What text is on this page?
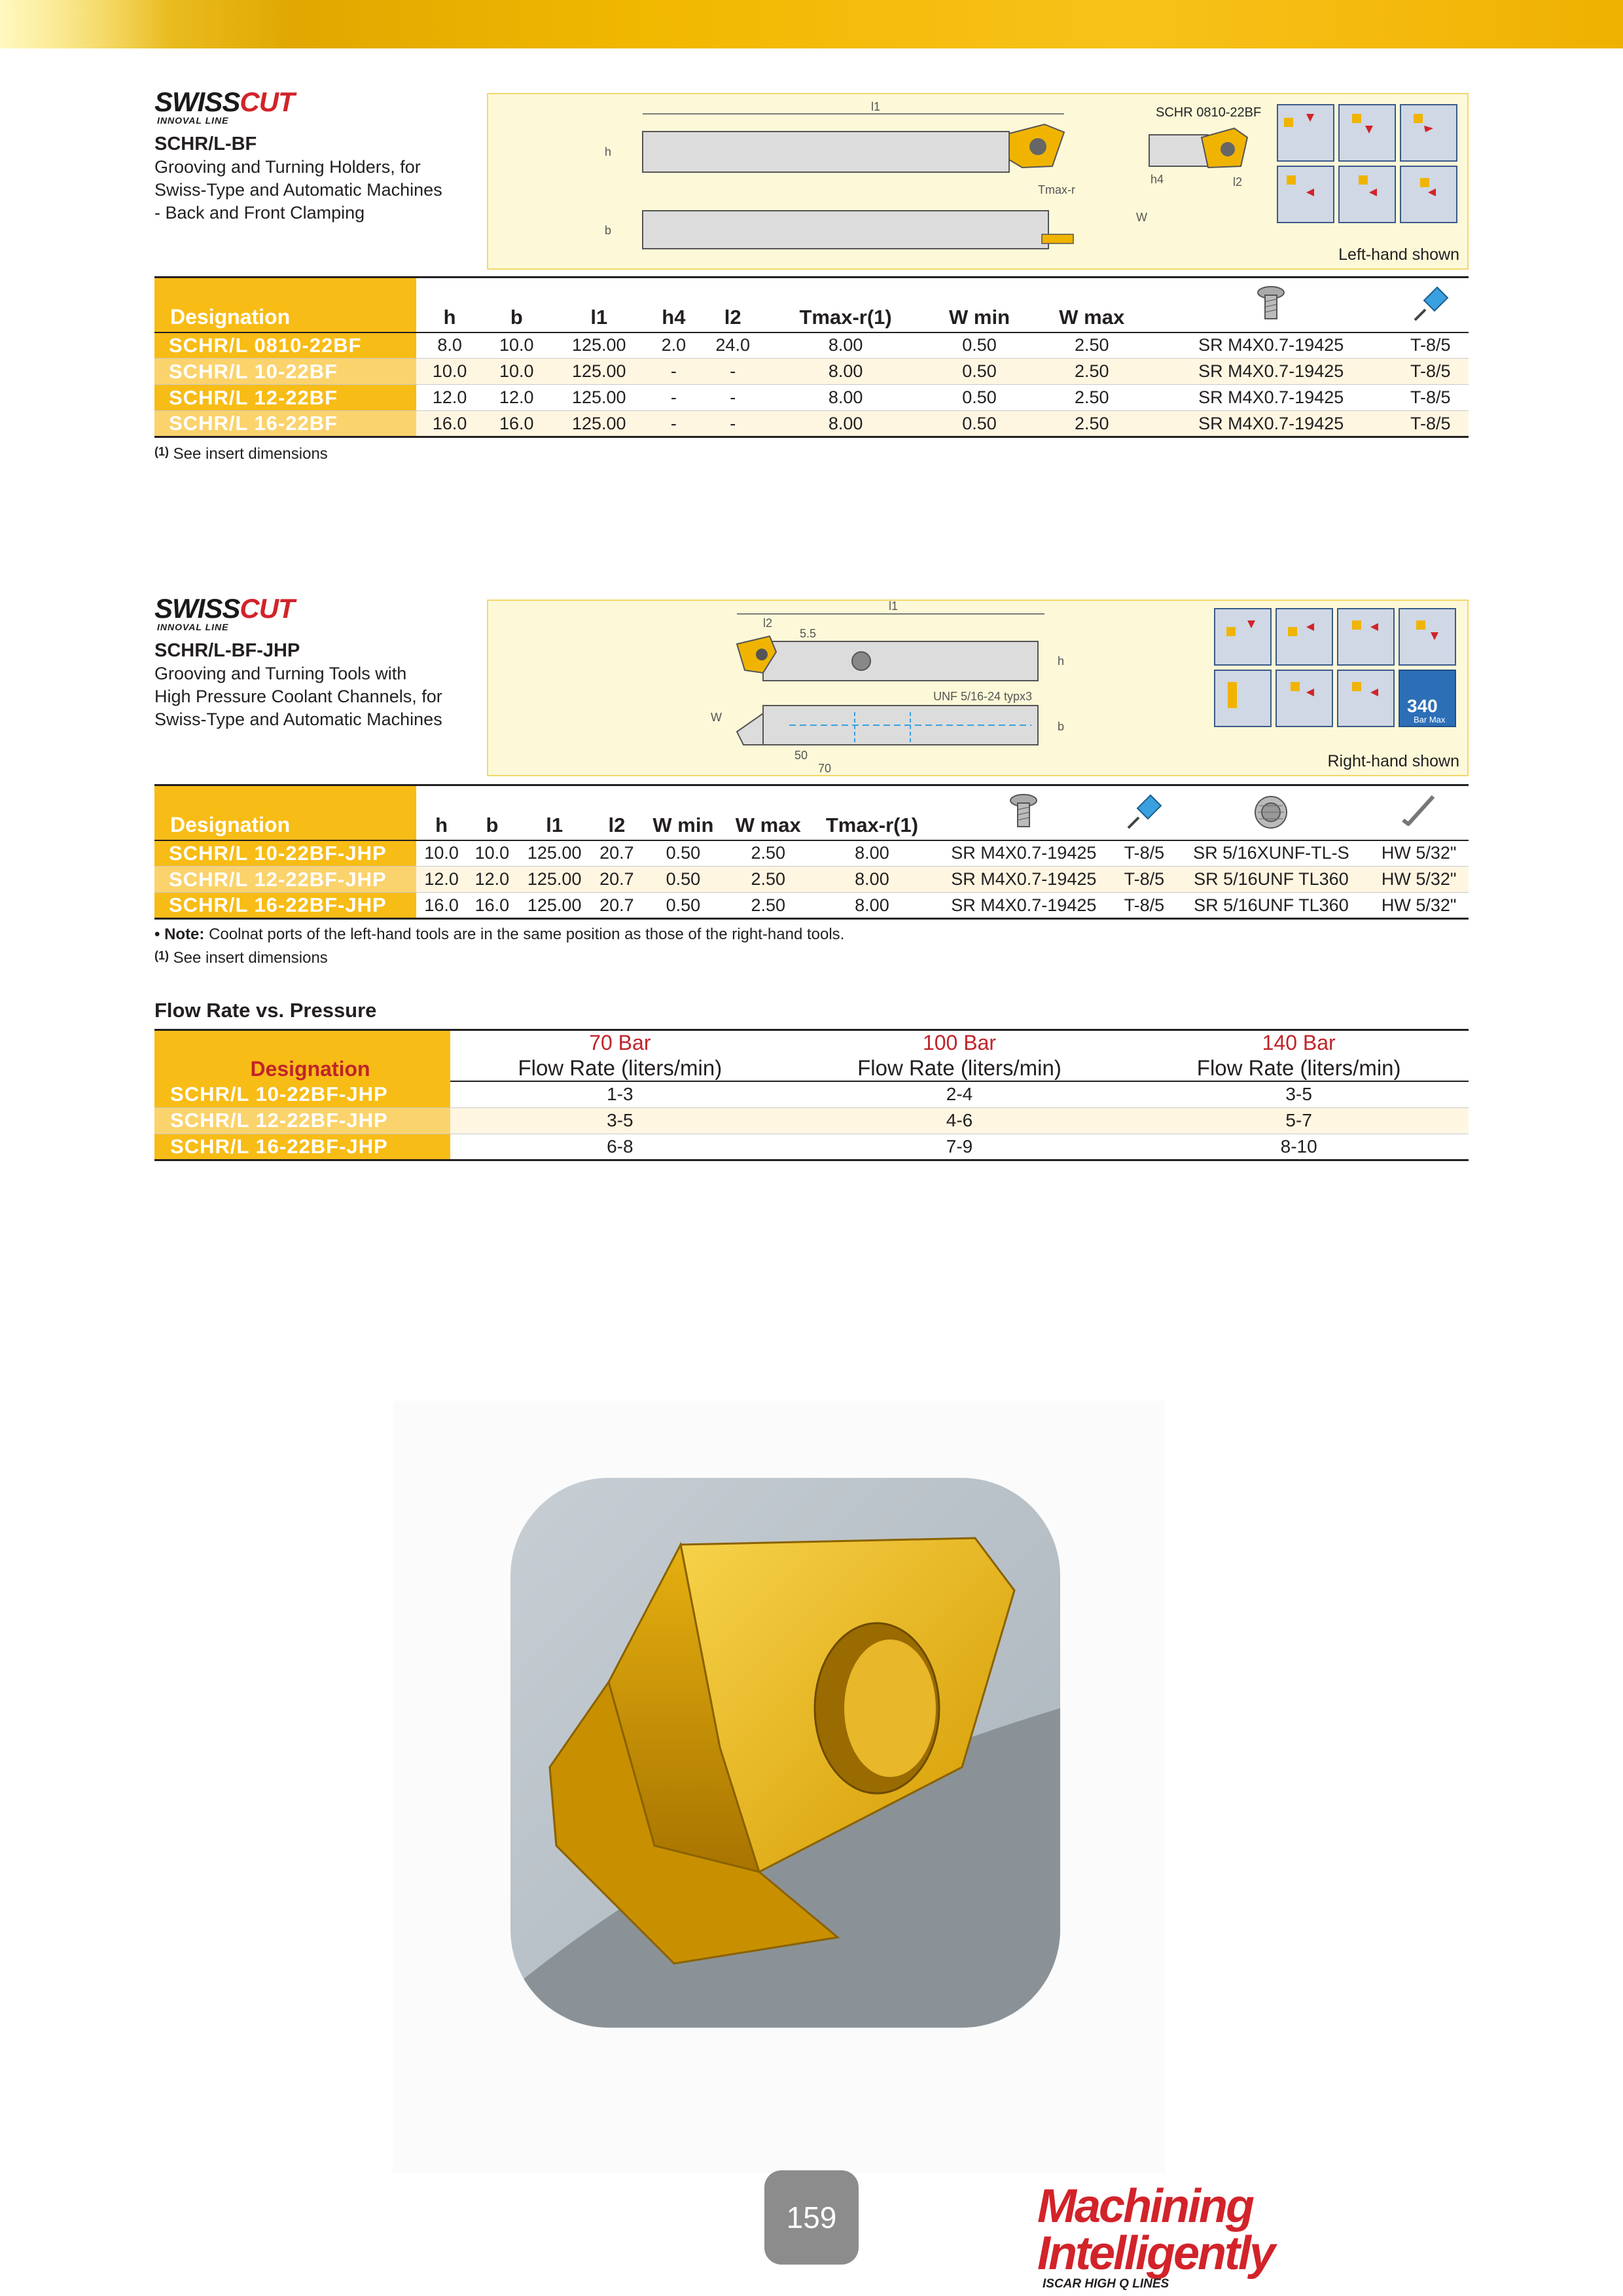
SWISSCUT
INNOVAL LINE
SCHR/L-BF
Grooving and Turning Holders, for
Swiss-Type and Automatic Machines
- Back and Front Clamping
l1
h
b
Tmax-r
W
SCHR 0810-22BF
h4	l2
Left-hand shown
Designation	h	b	l1	h4	l2	Tmax-r(1)	W min	W max		
SCHR/L 0810-22BF	8.0	10.0	125.00	2.0	24.0	8.00	0.50	2.50	SR M4X0.7-19425	T-8/5
SCHR/L 10-22BF	10.0	10.0	125.00	-	-	8.00	0.50	2.50	SR M4X0.7-19425	T-8/5
SCHR/L 12-22BF	12.0	12.0	125.00	-	-	8.00	0.50	2.50	SR M4X0.7-19425	T-8/5
SCHR/L 16-22BF	16.0	16.0	125.00	-	-	8.00	0.50	2.50	SR M4X0.7-19425	T-8/5
$^{(1)}$ See insert dimensions
SWISSCUT
INNOVAL LINE
SCHR/L-BF-JHP
Grooving and Turning Tools with
High Pressure Coolant Channels, for
Swiss-Type and Automatic Machines
l1
l2
5.5
h
UNF 5/16-24 typx3
W
b
50
70
340
Bar Max
Right-hand shown
Designation	h	b	l1	l2	W min	W max	Tmax-r(1)				
SCHR/L 10-22BF-JHP	10.0	10.0	125.00	20.7	0.50	2.50	8.00	SR M4X0.7-19425	T-8/5	SR 5/16XUNF-TL-S	HW 5/32"
SCHR/L 12-22BF-JHP	12.0	12.0	125.00	20.7	0.50	2.50	8.00	SR M4X0.7-19425	T-8/5	SR 5/16UNF TL360	HW 5/32"
SCHR/L 16-22BF-JHP	16.0	16.0	125.00	20.7	0.50	2.50	8.00	SR M4X0.7-19425	T-8/5	SR 5/16UNF TL360	HW 5/32"
• Note: Coolnat ports of the left-hand tools are in the same position as those of the right-hand tools.
$^{(1)}$ See insert dimensions
Flow Rate vs. Pressure
Designation	70 Bar	100 Bar	140 Bar
	Flow Rate (liters/min)	Flow Rate (liters/min)	Flow Rate (liters/min)
SCHR/L 10-22BF-JHP	1-3	2-4	3-5
SCHR/L 12-22BF-JHP	3-5	4-6	5-7
SCHR/L 16-22BF-JHP	6-8	7-9	8-10
159	Machining Intelligently
ISCAR HIGH Q LINES
